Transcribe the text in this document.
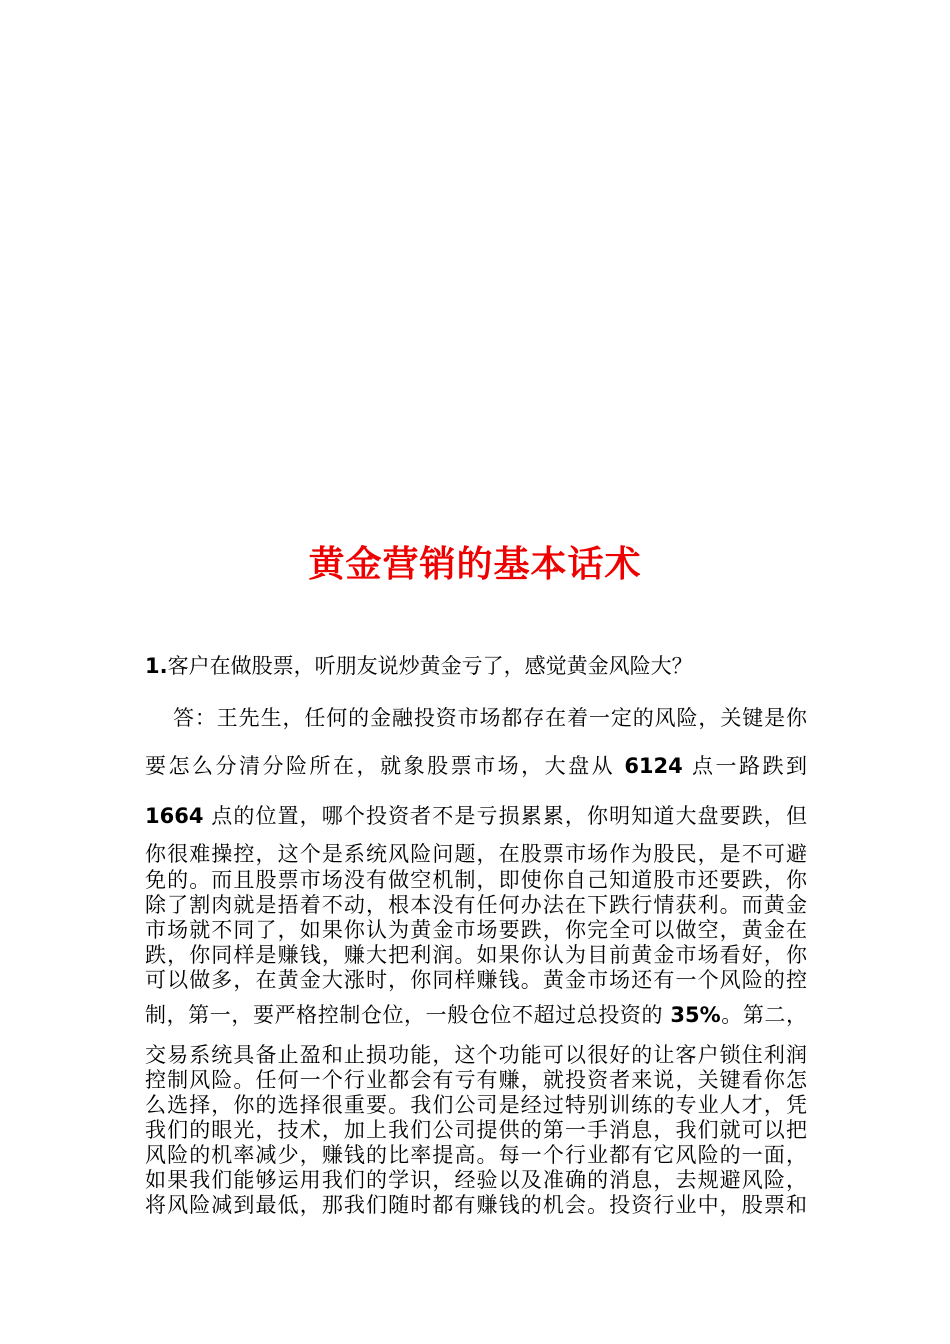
黄金营销的基本话术
1.客户在做股票，听朋友说炒黄金亏了，感觉黄金风险大？
答：王先生，任何的金融投资市场都存在着一定的风险，关键是你
要怎么分清分险所在，就象股票市场，大盘从 6124 点一路跌到
1664 点的位置，哪个投资者不是亏损累累，你明知道大盘要跌，但
你很难操控，这个是系统风险问题，在股票市场作为股民，是不可避
免的。而且股票市场没有做空机制，即使你自己知道股市还要跌，你
除了割肉就是捂着不动，根本没有任何办法在下跌行情获利。而黄金
市场就不同了，如果你认为黄金市场要跌，你完全可以做空，黄金在
跌，你同样是赚钱，赚大把利润。如果你认为目前黄金市场看好，你
可以做多，在黄金大涨时，你同样赚钱。黄金市场还有一个风险的控
制，第一，要严格控制仓位，一般仓位不超过总投资的 35%。第二，
交易系统具备止盈和止损功能，这个功能可以很好的让客户锁住利润
控制风险。任何一个行业都会有亏有赚，就投资者来说，关键看你怎
么选择，你的选择很重要。我们公司是经过特别训练的专业人才，凭
我们的眼光，技术，加上我们公司提供的第一手消息，我们就可以把
风险的机率减少，赚钱的比率提高。每一个行业都有它风险的一面，
如果我们能够运用我们的学识，经验以及准确的消息，去规避风险，
将风险减到最低，那我们随时都有赚钱的机会。投资行业中，股票和
